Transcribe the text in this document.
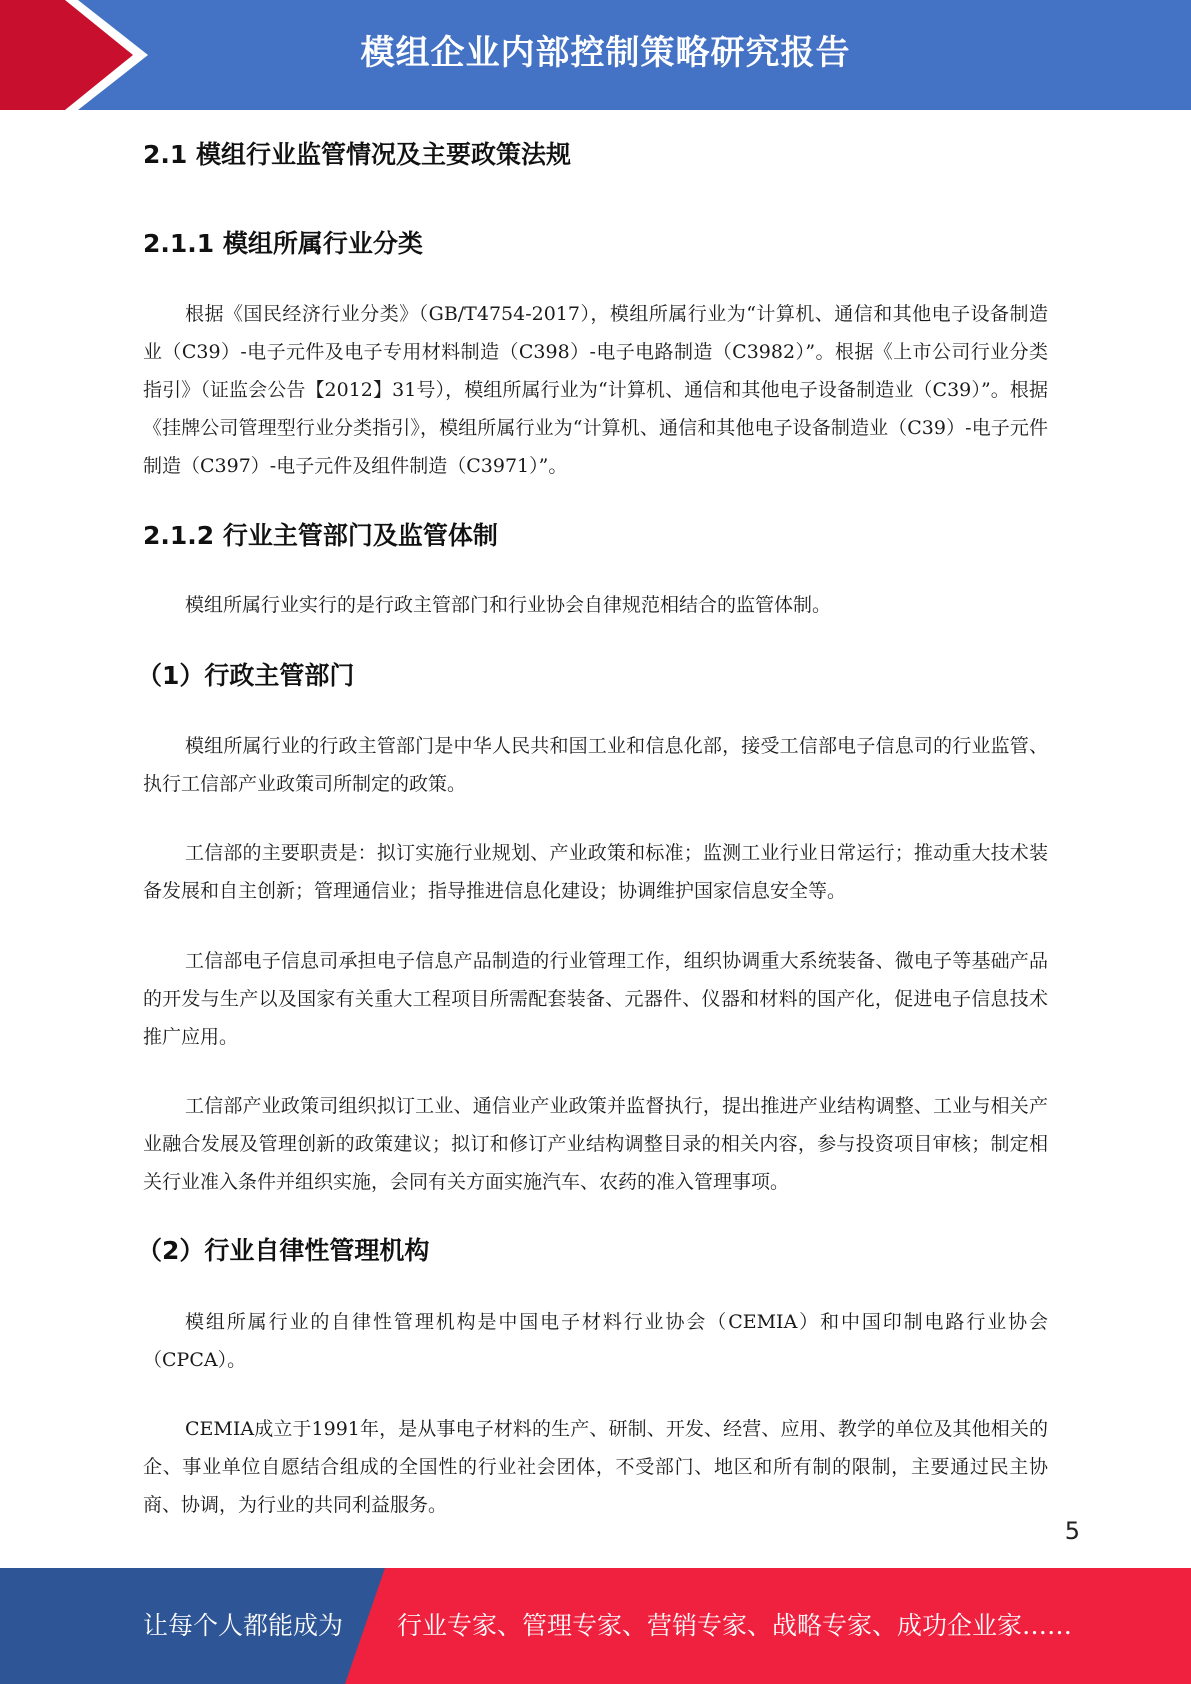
模组企业内部控制策略研究报告
2.1 模组行业监管情况及主要政策法规
2.1.1 模组所属行业分类

根据《国民经济行业分类》（GB/T4754-2017），模组所属行业为“计算机、通信和其他电子设备制造业（C39）-电子元件及电子专用材料制造（C398）-电子电路制造（C3982）”。根据《上市公司行业分类指引》（证监会公告【2012】31号），模组所属行业为“计算机、通信和其他电子设备制造业（C39）”。根据《挂牌公司管理型行业分类指引》，模组所属行业为“计算机、通信和其他电子设备制造业（C39）-电子元件制造（C397）-电子元件及组件制造（C3971）”。

2.1.2 行业主管部门及监管体制

模组所属行业实行的是行政主管部门和行业协会自律规范相结合的监管体制。

（1）行政主管部门

模组所属行业的行政主管部门是中华人民共和国工业和信息化部，接受工信部电子信息司的行业监管、执行工信部产业政策司所制定的政策。

工信部的主要职责是：拟订实施行业规划、产业政策和标准；监测工业行业日常运行；推动重大技术装备发展和自主创新；管理通信业；指导推进信息化建设；协调维护国家信息安全等。

工信部电子信息司承担电子信息产品制造的行业管理工作，组织协调重大系统装备、微电子等基础产品的开发与生产以及国家有关重大工程项目所需配套装备、元器件、仪器和材料的国产化，促进电子信息技术推广应用。

工信部产业政策司组织拟订工业、通信业产业政策并监督执行，提出推进产业结构调整、工业与相关产业融合发展及管理创新的政策建议；拟订和修订产业结构调整目录的相关内容，参与投资项目审核；制定相关行业准入条件并组织实施，会同有关方面实施汽车、农药的准入管理事项。

（2）行业自律性管理机构

模组所属行业的自律性管理机构是中国电子材料行业协会（CEMIA）和中国印制电路行业协会（CPCA）。

CEMIA成立于1991年，是从事电子材料的生产、研制、开发、经营、应用、教学的单位及其他相关的企、事业单位自愿结合组成的全国性的行业社会团体，不受部门、地区和所有制的限制，主要通过民主协商、协调，为行业的共同利益服务。

5
让每个人都能成为 行业专家、管理专家、营销专家、战略专家、成功企业家……
